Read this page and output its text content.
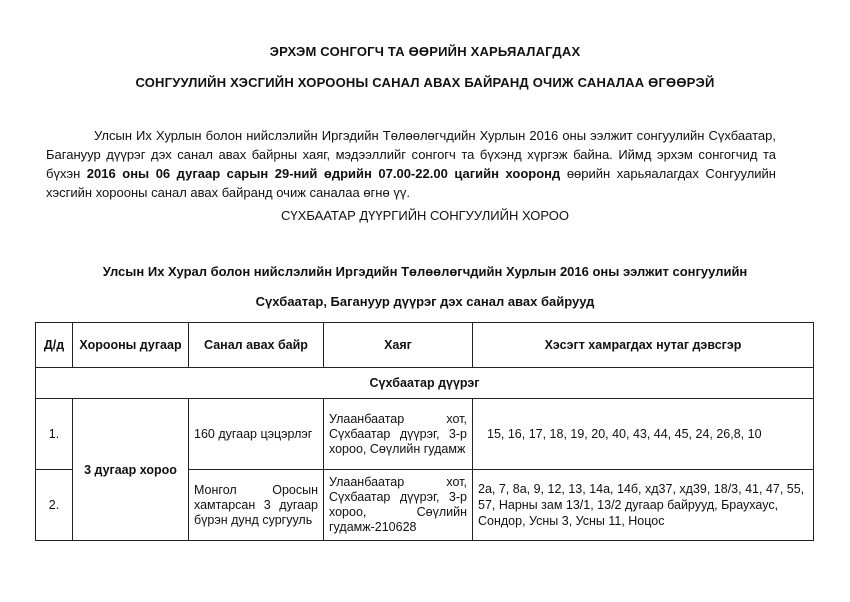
ЭРХЭМ СОНГОГЧ ТА ӨӨРИЙН ХАРЬЯАЛАГДАХ
СОНГУУЛИЙН ХЭСГИЙН ХОРООНЫ САНАЛ АВАХ БАЙРАНД ОЧИЖ САНАЛАА ӨГӨӨРЭЙ
Улсын Их Хурлын болон нийслэлийн Иргэдийн Төлөөлөгчдийн Хурлын 2016 оны ээлжит сонгуулийн Сүхбаатар, Багануур дүүрэг дэх санал авах байрны хаяг, мэдээллийг сонгогч та бүхэнд хүргэж байна. Иймд эрхэм сонгогчид та бүхэн 2016 оны 06 дугаар сарын 29-ний өдрийн 07.00-22.00 цагийн хооронд өөрийн харьяалагдах Сонгуулийн хэсгийн хорооны санал авах байранд очиж саналаа өгнө үү.
СҮХБААТАР ДҮҮРГИЙН СОНГУУЛИЙН ХОРОО
Улсын Их Хурал болон нийслэлийн Иргэдийн Төлөөлөгчдийн Хурлын 2016 оны ээлжит сонгуулийн
Сүхбаатар, Багануур дүүрэг дэх санал авах байрууд
Д/д	Хорооны дугаар	Санал авах байр	Хаяг	Хэсэгт хамрагдах нутаг дэвсгэр
Сүхбаатар дүүрэг				
1.	3 дугаар хороо	160 дугаар цэцэрлэг	Улаанбаатар хот, Сүхбаатар дүүрэг, 3-р хороо, Сөүлийн гудамж	15, 16, 17, 18, 19, 20, 40, 43, 44, 45, 24, 26,8, 10
2.		Монгол Оросын хамтарсан 3 дугаар бүрэн дунд сургууль	Улаанбаатар хот, Сүхбаатар дүүрэг, 3-р хороо, Сөүлийн гудамж-210628	2а, 7, 8а, 9, 12, 13, 14а, 14б, хд37, хд39, 18/3, 41, 47, 55, 57, Нарны зам 13/1, 13/2 дугаар байрууд, Браухаус, Сондор, Усны 3, Усны 11, Ноцос
